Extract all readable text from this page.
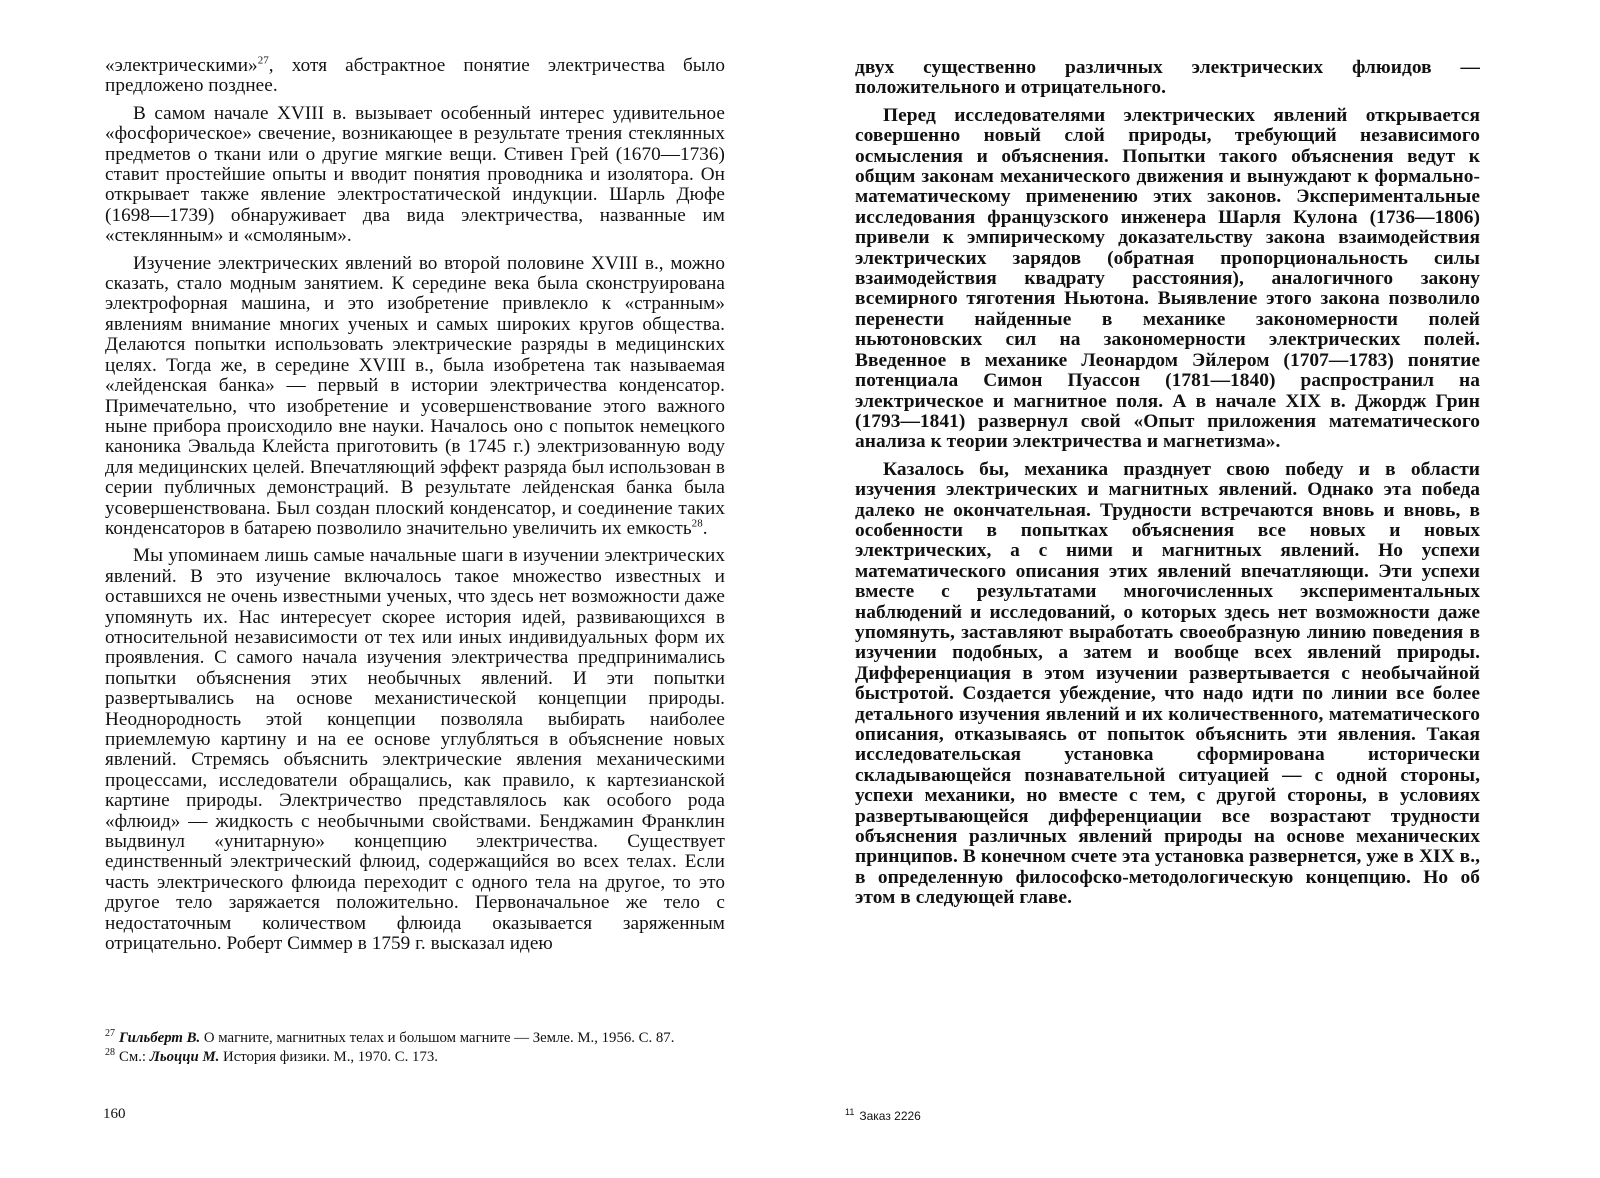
«электрическими»$^{27}$, хотя абстрактное понятие электричества было предложено позднее.

В самом начале XVIII в. вызывает особенный интерес удивительное «фосфорическое» свечение, возникающее в результате трения стеклянных предметов о ткани или о другие мягкие вещи. Стивен Грей (1670—1736) ставит простейшие опыты и вводит понятия проводника и изолятора. Он открывает также явление электростатической индукции. Шарль Дюфе (1698—1739) обнаруживает два вида электричества, названные им «стеклянным» и «смоляным».

Изучение электрических явлений во второй половине XVIII в., можно сказать, стало модным занятием. К середине века была сконструирована электрофорная машина, и это изобретение привлекло к «странным» явлениям внимание многих ученых и самых широких кругов общества. Делаются попытки использовать электрические разряды в медицинских целях. Тогда же, в середине XVIII в., была изобретена так называемая «лейденская банка» — первый в истории электричества конденсатор. Примечательно, что изобретение и усовершенствование этого важного ныне прибора происходило вне науки. Началось оно с попыток немецкого каноника Эвальда Клейста приготовить (в 1745 г.) электризованную воду для медицинских целей. Впечатляющий эффект разряда был использован в серии публичных демонстраций. В результате лейденская банка была усовершенствована. Был создан плоский конденсатор, и соединение таких конденсаторов в батарею позволило значительно увеличить их емкость$^{28}$.

Мы упоминаем лишь самые начальные шаги в изучении электрических явлений. В это изучение включалось такое множество известных и оставшихся не очень известными ученых, что здесь нет возможности даже упомянуть их. Нас интересует скорее история идей, развивающихся в относительной независимости от тех или иных индивидуальных форм их проявления. С самого начала изучения электричества предпринимались попытки объяснения этих необычных явлений. И эти попытки развертывались на основе механистической концепции природы. Неоднородность этой концепции позволяла выбирать наиболее приемлемую картину и на ее основе углубляться в объяснение новых явлений. Стремясь объяснить электрические явления механическими процессами, исследователи обращались, как правило, к картезианской картине природы. Электричество представлялось как особого рода «флюид» — жидкость с необычными свойствами. Бенджамин Франклин выдвинул «унитарную» концепцию электричества. Существует единственный электрический флюид, содержащийся во всех телах. Если часть электрического флюида переходит с одного тела на другое, то это другое тело заряжается положительно. Первоначальное же тело с недостаточным количеством флюида оказывается заряженным отрицательно. Роберт Симмер в 1759 г. высказал идею

$^{27}$ Гильберт В. О магните, магнитных телах и большом магните — Земле. М., 1956. С. 87.

$^{28}$ См.: Льоцци М. История физики. М., 1970. С. 173.

160

двух существенно различных электрических флюидов — положительного и отрицательного.

Перед исследователями электрических явлений открывается совершенно новый слой природы, требующий независимого осмысления и объяснения. Попытки такого объяснения ведут к общим законам механического движения и вынуждают к формально-математическому применению этих законов. Экспериментальные исследования французского инженера Шарля Кулона (1736—1806) привели к эмпирическому доказательству закона взаимодействия электрических зарядов (обратная пропорциональность силы взаимодействия квадрату расстояния), аналогичного закону всемирного тяготения Ньютона. Выявление этого закона позволило перенести найденные в механике закономерности полей ньютоновских сил на закономерности электрических полей. Введенное в механике Леонардом Эйлером (1707—1783) понятие потенциала Симон Пуассон (1781—1840) распространил на электрическое и магнитное поля. А в начале XIX в. Джордж Грин (1793—1841) развернул свой «Опыт приложения математического анализа к теории электричества и магнетизма».

Казалось бы, механика празднует свою победу и в области изучения электрических и магнитных явлений. Однако эта победа далеко не окончательная. Трудности встречаются вновь и вновь, в особенности в попытках объяснения все новых и новых электрических, а с ними и магнитных явлений. Но успехи математического описания этих явлений впечатляющи. Эти успехи вместе с результатами многочисленных экспериментальных наблюдений и исследований, о которых здесь нет возможности даже упомянуть, заставляют выработать своеобразную линию поведения в изучении подобных, а затем и вообще всех явлений природы. Дифференциация в этом изучении развертывается с необычайной быстротой. Создается убеждение, что надо идти по линии все более детального изучения явлений и их количественного, математического описания, отказываясь от попыток объяснить эти явления. Такая исследовательская установка сформирована исторически складывающейся познавательной ситуацией — с одной стороны, успехи механики, но вместе с тем, с другой стороны, в условиях развертывающейся дифференциации все возрастают трудности объяснения различных явлений природы на основе механических принципов. В конечном счете эта установка развернется, уже в XIX в., в определенную философско-методологическую концепцию. Но об этом в следующей главе.

$^{11}$ Заказ 2226
